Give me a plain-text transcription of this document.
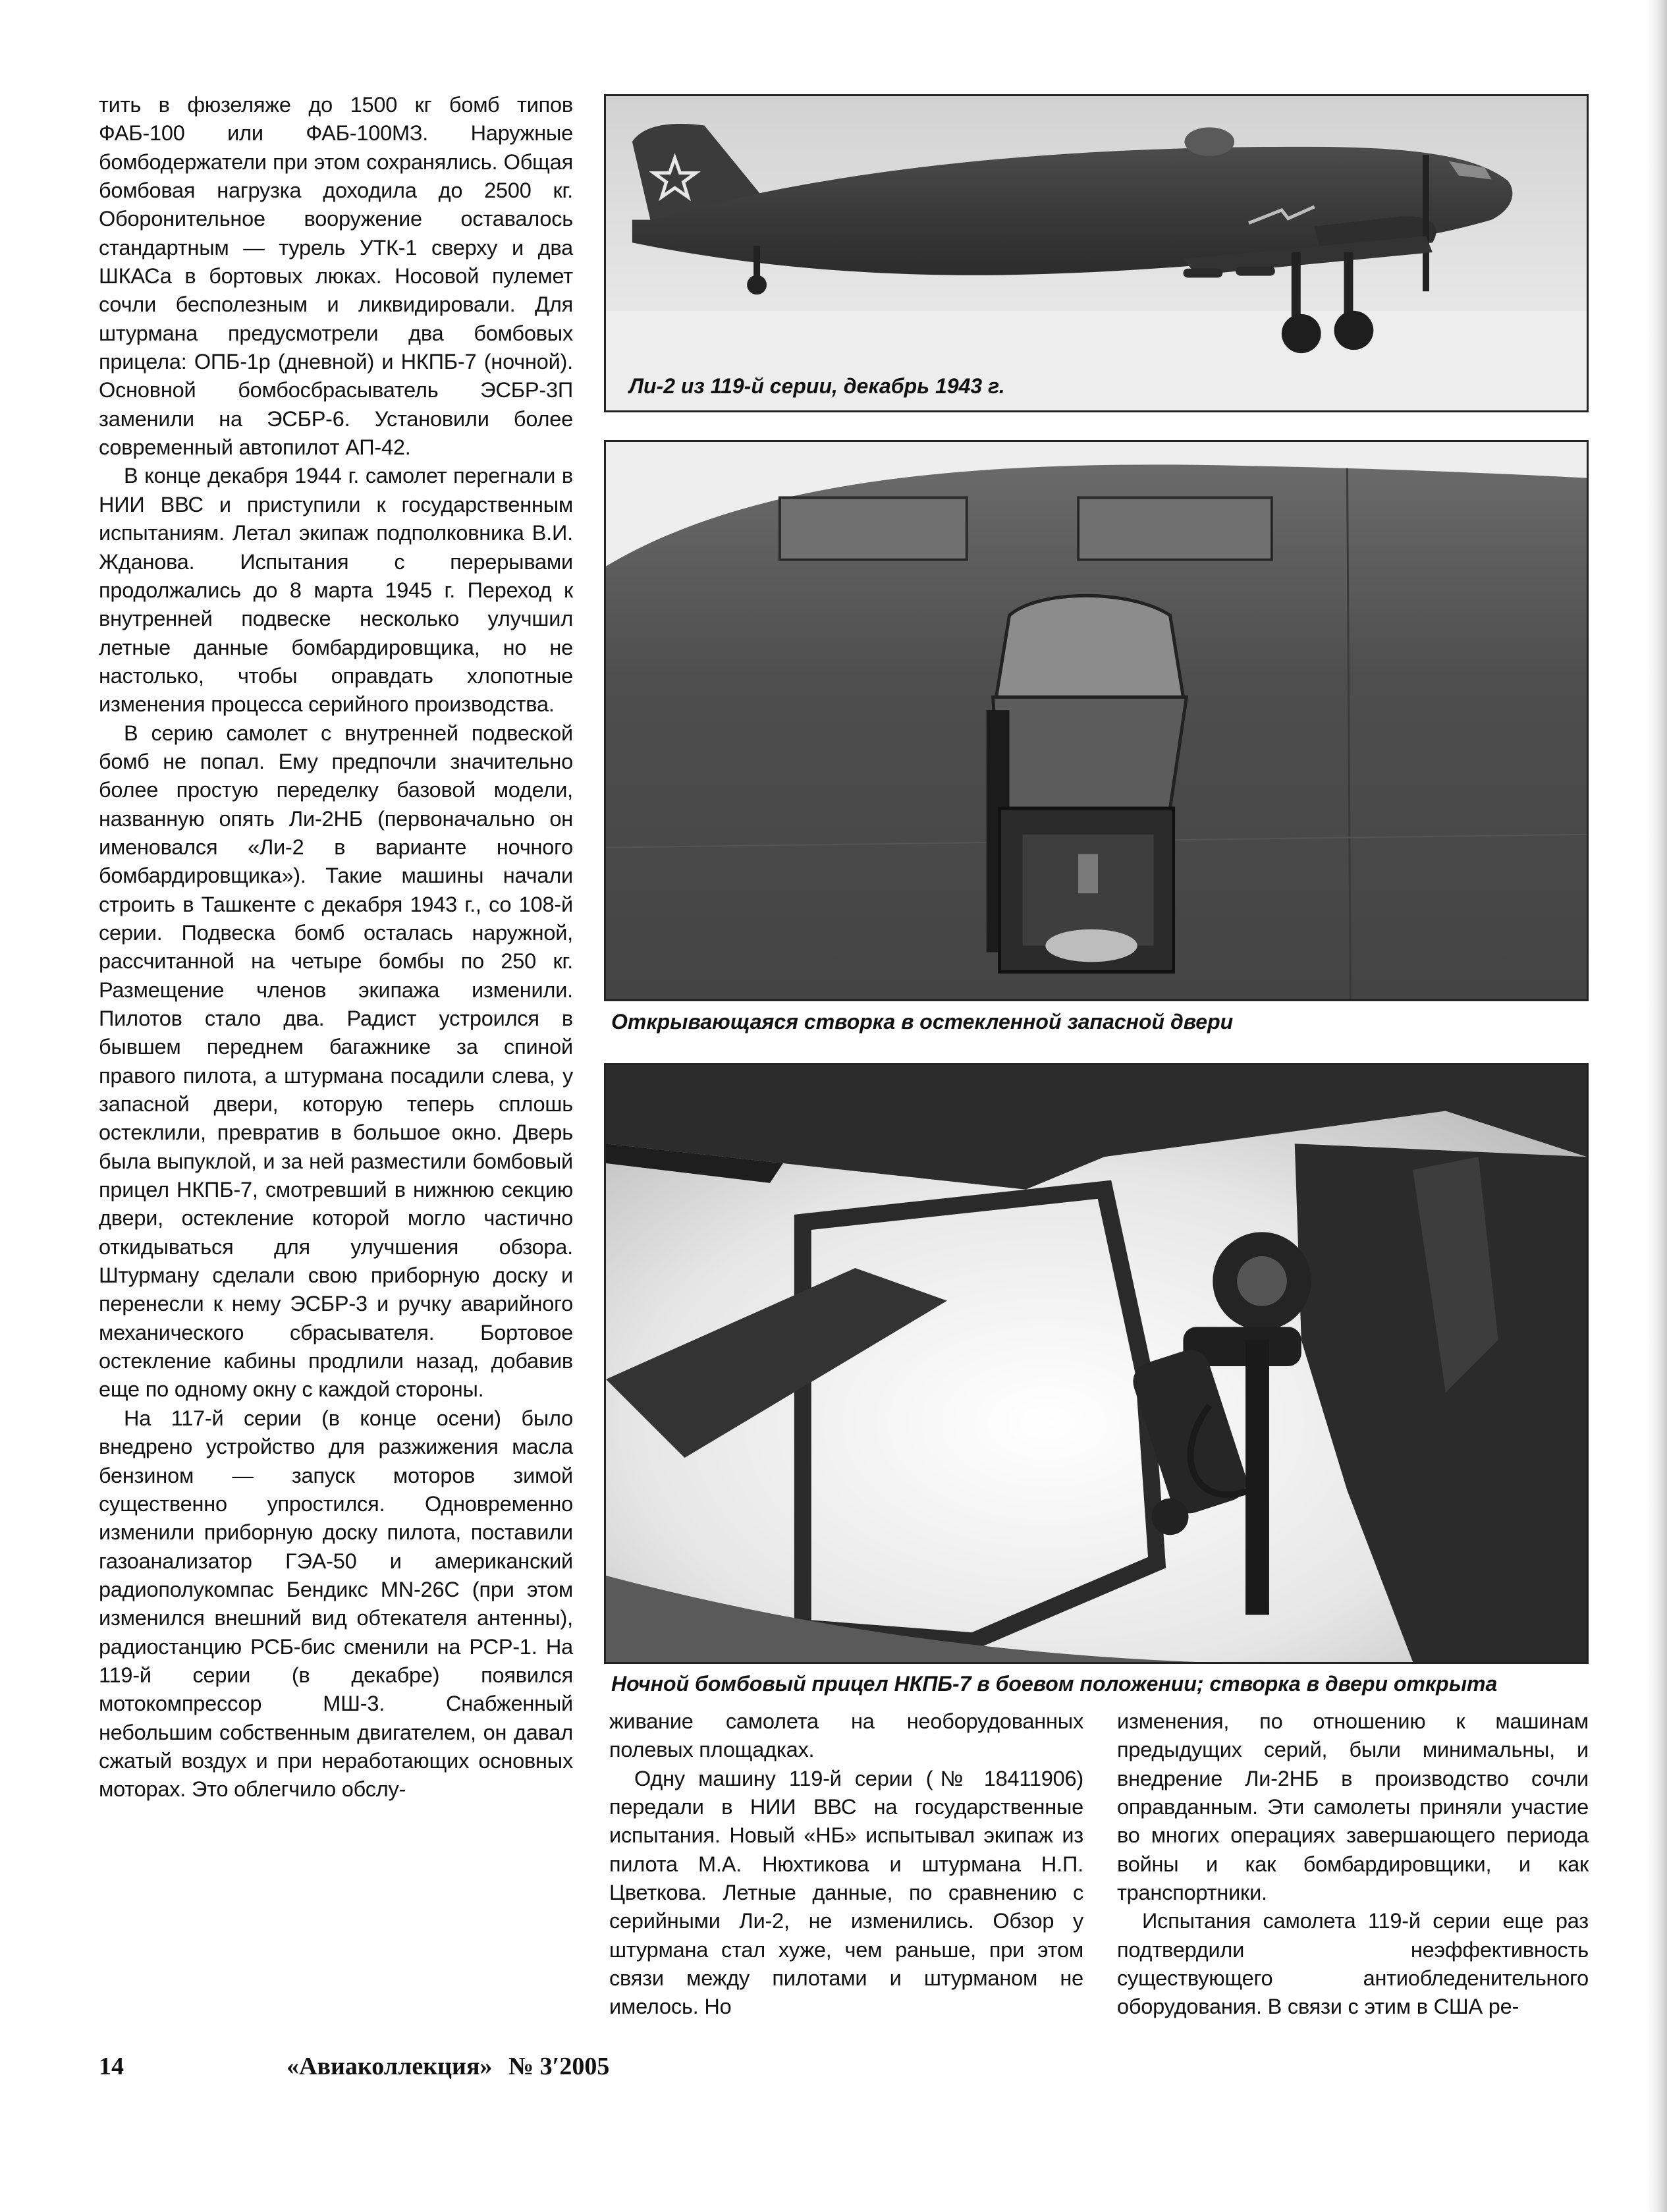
тить в фюзеляже до 1500 кг бомб типов ФАБ-100 или ФАБ-100МЗ. Наружные бомбодержатели при этом сохранялись. Общая бомбовая нагрузка доходила до 2500 кг. Оборонительное вооружение оставалось стандартным — турель УТК-1 сверху и два ШКАСа в бортовых люках. Носовой пулемет сочли бесполезным и ликвидировали. Для штурмана предусмотрели два бомбовых прицела: ОПБ-1р (дневной) и НКПБ-7 (ночной). Основной бомбосбрасыватель ЭСБР-3П заменили на ЭСБР-6. Установили более современный автопилот АП-42.

В конце декабря 1944 г. самолет перегнали в НИИ ВВС и приступили к государственным испытаниям. Летал экипаж подполковника В.И. Жданова. Испытания с перерывами продолжались до 8 марта 1945 г. Переход к внутренней подвеске несколько улучшил летные данные бомбардировщика, но не настолько, чтобы оправдать хлопотные изменения процесса серийного производства.

В серию самолет с внутренней подвеской бомб не попал. Ему предпочли значительно более простую переделку базовой модели, названную опять Ли-2НБ (первоначально он именовался «Ли-2 в варианте ночного бомбардировщика»). Такие машины начали строить в Ташкенте с декабря 1943 г., со 108-й серии. Подвеска бомб осталась наружной, рассчитанной на четыре бомбы по 250 кг. Размещение членов экипажа изменили. Пилотов стало два. Радист устроился в бывшем переднем багажнике за спиной правого пилота, а штурмана посадили слева, у запасной двери, которую теперь сплошь остеклили, превратив в большое окно. Дверь была выпуклой, и за ней разместили бомбовый прицел НКПБ-7, смотревший в нижнюю секцию двери, остекление которой могло частично откидываться для улучшения обзора. Штурману сделали свою приборную доску и перенесли к нему ЭСБР-3 и ручку аварийного механического сбрасывателя. Бортовое остекление кабины продлили назад, добавив еще по одному окну с каждой стороны.

На 117-й серии (в конце осени) было внедрено устройство для разжижения масла бензином — запуск моторов зимой существенно упростился. Одновременно изменили приборную доску пилота, поставили газоанализатор ГЭА-50 и американский радиополукомпас Бендикс MN-26C (при этом изменился внешний вид обтекателя антенны), радиостанцию РСБ-бис сменили на РСР-1. На 119-й серии (в декабре) появился мотокомпрессор МШ-3. Снабженный небольшим собственным двигателем, он давал сжатый воздух и при неработающих основных моторах. Это облегчило обслу-

Ли-2 из 119-й серии, декабрь 1943 г.
Открывающаяся створка в остекленной запасной двери
Ночной бомбовый прицел НКПБ-7 в боевом положении; створка в двери открыта

живание самолета на необорудованных полевых площадках.

Одну машину 119-й серии (№ 18411906) передали в НИИ ВВС на государственные испытания. Новый «НБ» испытывал экипаж из пилота М.А. Нюхтикова и штурмана Н.П. Цветкова. Летные данные, по сравнению с серийными Ли-2, не изменились. Обзор у штурмана стал хуже, чем раньше, при этом связи между пилотами и штурманом не имелось. Но

изменения, по отношению к машинам предыдущих серий, были минимальны, и внедрение Ли-2НБ в производство сочли оправданным. Эти самолеты приняли участие во многих операциях завершающего периода войны и как бомбардировщики, и как транспортники.

Испытания самолета 119-й серии еще раз подтвердили неэффективность существующего антиобледенительного оборудования. В связи с этим в США ре-

14	«Авиаколлекция» № 3′2005
